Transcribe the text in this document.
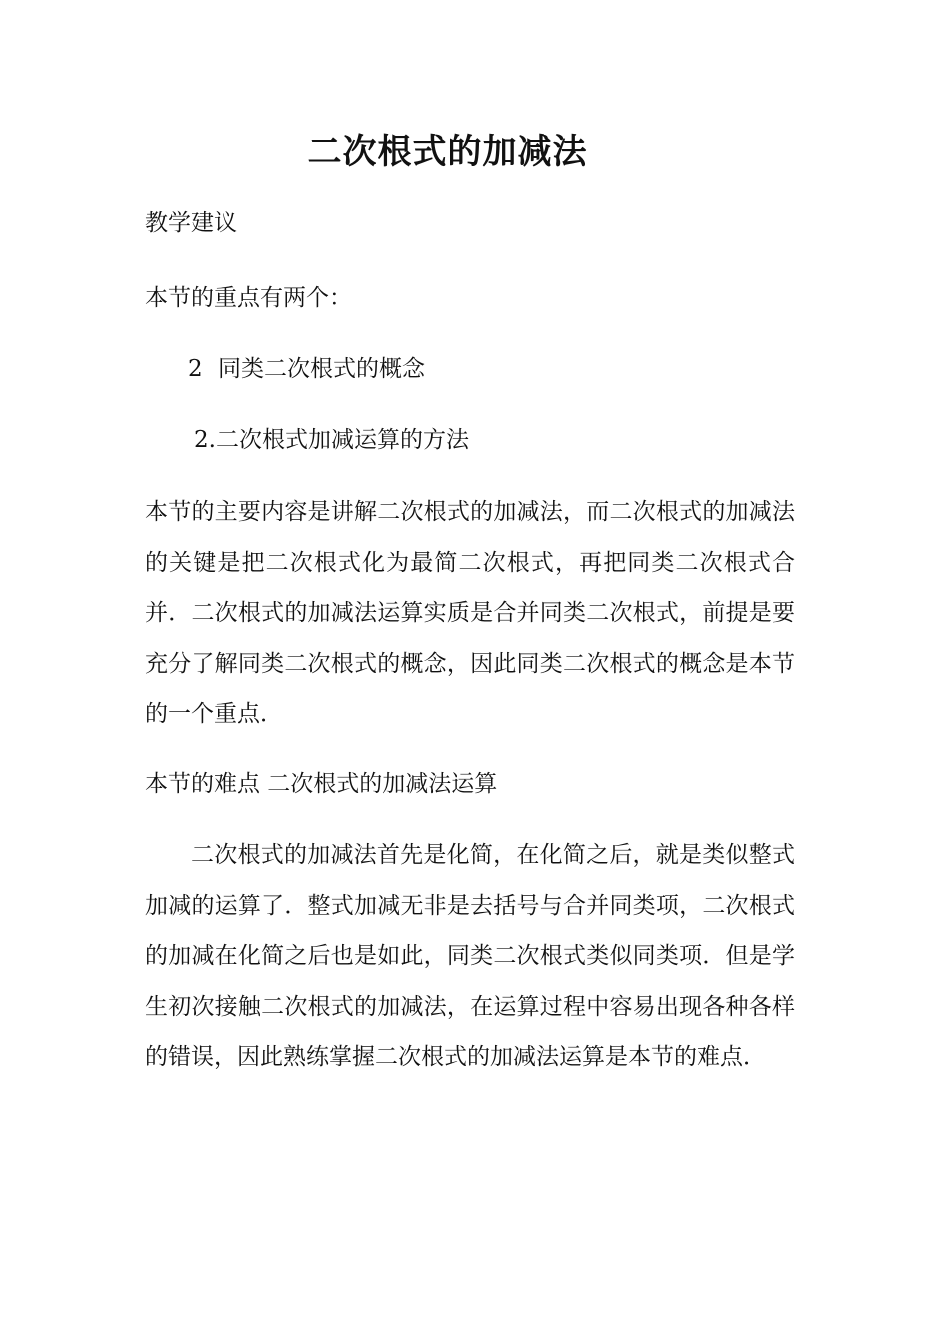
二次根式的加减法
教学建议
本节的重点有两个：
2 同类二次根式的概念
2.二次根式加减运算的方法
本节的主要内容是讲解二次根式的加减法，而二次根式的加减法的关键是把二次根式化为最简二次根式，再把同类二次根式合并．二次根式的加减法运算实质是合并同类二次根式，前提是要充分了解同类二次根式的概念，因此同类二次根式的概念是本节的一个重点．
本节的难点 二次根式的加减法运算
二次根式的加减法首先是化简，在化简之后，就是类似整式加减的运算了．整式加减无非是去括号与合并同类项，二次根式的加减在化简之后也是如此，同类二次根式类似同类项．但是学生初次接触二次根式的加减法，在运算过程中容易出现各种各样的错误，因此熟练掌握二次根式的加减法运算是本节的难点．
